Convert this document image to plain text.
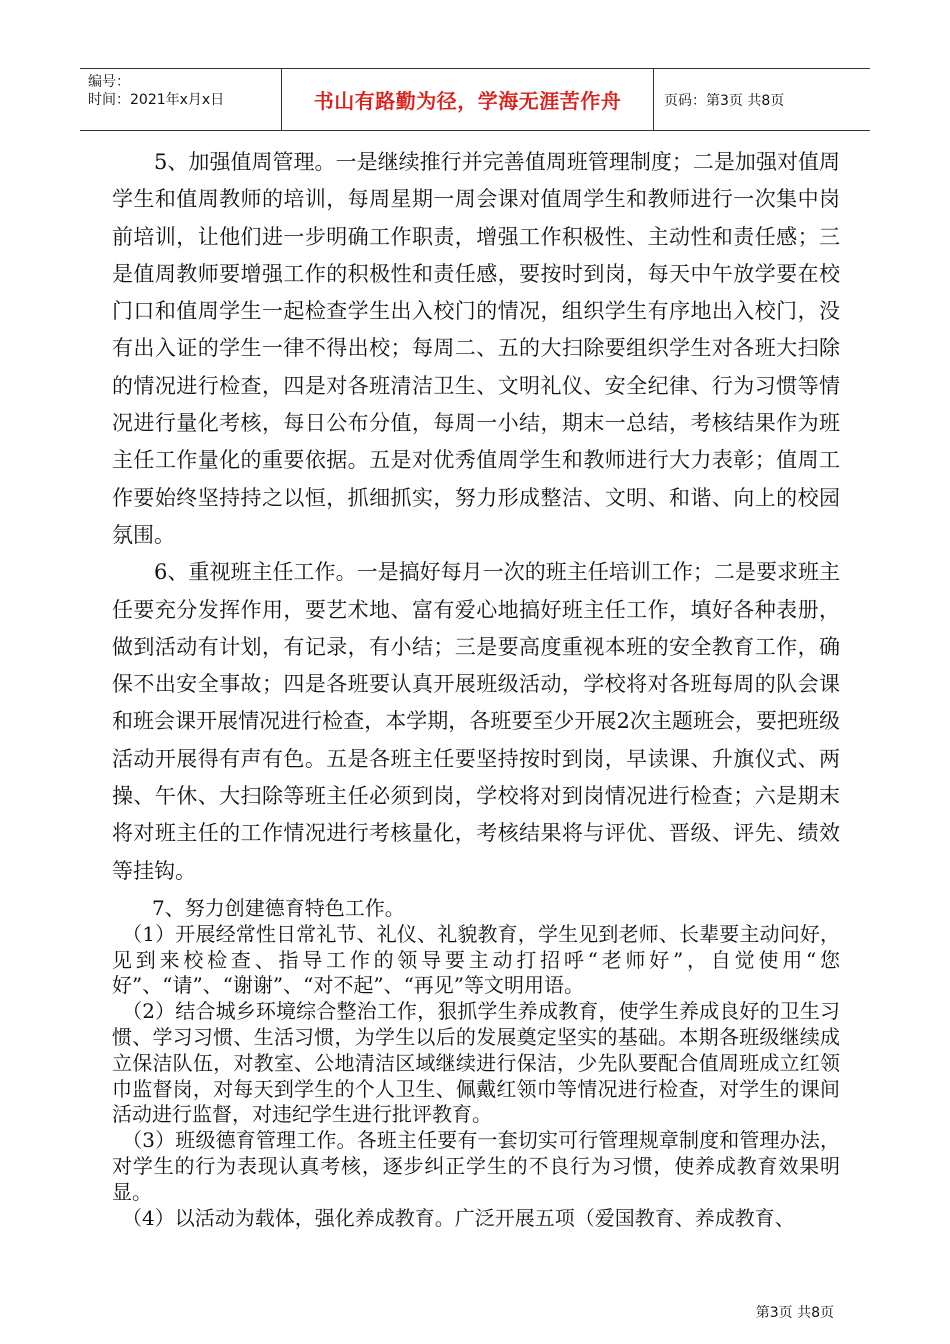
编号：
时间：2021年x月x日	书山有路勤为径，学海无涯苦作舟	页码：第3页 共8页

　　5、加强值周管理。一是继续推行并完善值周班管理制度；二是加强对值周学生和值周教师的培训，每周星期一周会课对值周学生和教师进行一次集中岗前培训，让他们进一步明确工作职责，增强工作积极性、主动性和责任感；三是值周教师要增强工作的积极性和责任感，要按时到岗，每天中午放学要在校门口和值周学生一起检查学生出入校门的情况，组织学生有序地出入校门，没有出入证的学生一律不得出校；每周二、五的大扫除要组织学生对各班大扫除的情况进行检查，四是对各班清洁卫生、文明礼仪、安全纪律、行为习惯等情况进行量化考核，每日公布分值，每周一小结，期末一总结，考核结果作为班主任工作量化的重要依据。五是对优秀值周学生和教师进行大力表彰；值周工作要始终坚持持之以恒，抓细抓实，努力形成整洁、文明、和谐、向上的校园氛围。

　　6、重视班主任工作。一是搞好每月一次的班主任培训工作；二是要求班主任要充分发挥作用，要艺术地、富有爱心地搞好班主任工作，填好各种表册，做到活动有计划，有记录，有小结；三是要高度重视本班的安全教育工作，确保不出安全事故；四是各班要认真开展班级活动，学校将对各班每周的队会课和班会课开展情况进行检查，本学期，各班要至少开展2次主题班会，要把班级活动开展得有声有色。五是各班主任要坚持按时到岗，早读课、升旗仪式、两操、午休、大扫除等班主任必须到岗，学校将对到岗情况进行检查；六是期末将对班主任的工作情况进行考核量化，考核结果将与评优、晋级、评先、绩效等挂钩。

　　7、努力创建德育特色工作。

　（1）开展经常性日常礼节、礼仪、礼貌教育，学生见到老师、长辈要主动问好，见到来校检查、指导工作的领导要主动打招呼“老师好”，自觉使用“您好”、“请”、“谢谢”、“对不起”、“再见”等文明用语。

　（2）结合城乡环境综合整治工作，狠抓学生养成教育，使学生养成良好的卫生习惯、学习习惯、生活习惯，为学生以后的发展奠定坚实的基础。本期各班级继续成立保洁队伍，对教室、公地清洁区域继续进行保洁，少先队要配合值周班成立红领巾监督岗，对每天到学生的个人卫生、佩戴红领巾等情况进行检查，对学生的课间活动进行监督，对违纪学生进行批评教育。

　（3）班级德育管理工作。各班主任要有一套切实可行管理规章制度和管理办法，对学生的行为表现认真考核，逐步纠正学生的不良行为习惯，使养成教育效果明显。

　（4）以活动为载体，强化养成教育。广泛开展五项（爱国教育、养成教育、

第3页 共8页
